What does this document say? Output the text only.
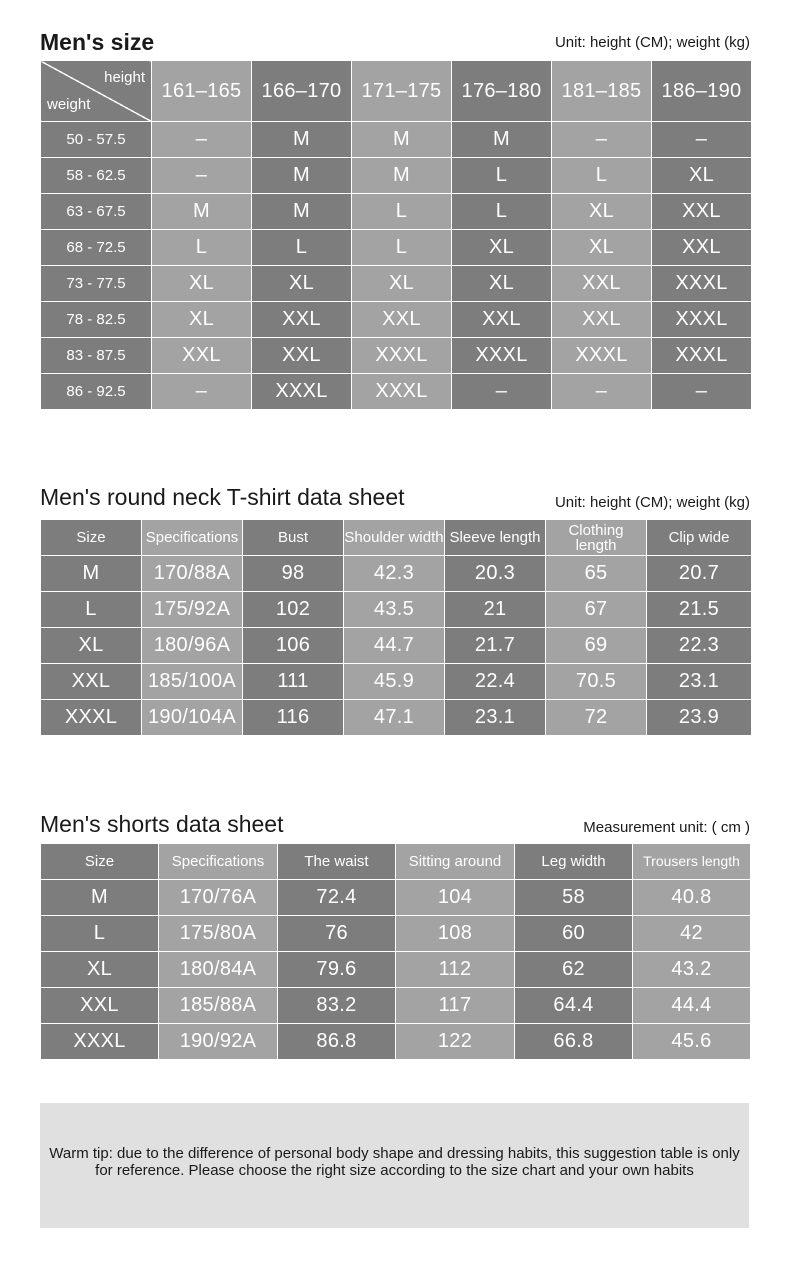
Men's size	Unit: height (CM); weight (kg)
height
weight	161–165	166–170	171–175	176–180	181–185	186–190
50 - 57.5	–	M	M	M	–	–
58 - 62.5	–	M	M	L	L	XL
63 - 67.5	M	M	L	L	XL	XXL
68 - 72.5	L	L	L	XL	XL	XXL
73 - 77.5	XL	XL	XL	XL	XXL	XXXL
78 - 82.5	XL	XXL	XXL	XXL	XXL	XXXL
83 - 87.5	XXL	XXL	XXXL	XXXL	XXXL	XXXL
86 - 92.5	–	XXXL	XXXL	–	–	–
Men's round neck T-shirt data sheet	Unit: height (CM); weight (kg)
Size	Specifications	Bust	Shoulder width	Sleeve length	Clothing length	Clip wide
M	170/88A	98	42.3	20.3	65	20.7
L	175/92A	102	43.5	21	67	21.5
XL	180/96A	106	44.7	21.7	69	22.3
XXL	185/100A	111	45.9	22.4	70.5	23.1
XXXL	190/104A	116	47.1	23.1	72	23.9
Men's shorts data sheet	Measurement unit: ( cm )
Size	Specifications	The waist	Sitting around	Leg width	Trousers length
M	170/76A	72.4	104	58	40.8
L	175/80A	76	108	60	42
XL	180/84A	79.6	112	62	43.2
XXL	185/88A	83.2	117	64.4	44.4
XXXL	190/92A	86.8	122	66.8	45.6

Warm tip: due to the difference of personal body shape and dressing habits, this suggestion table is only for reference. Please choose the right size according to the size chart and your own habits
